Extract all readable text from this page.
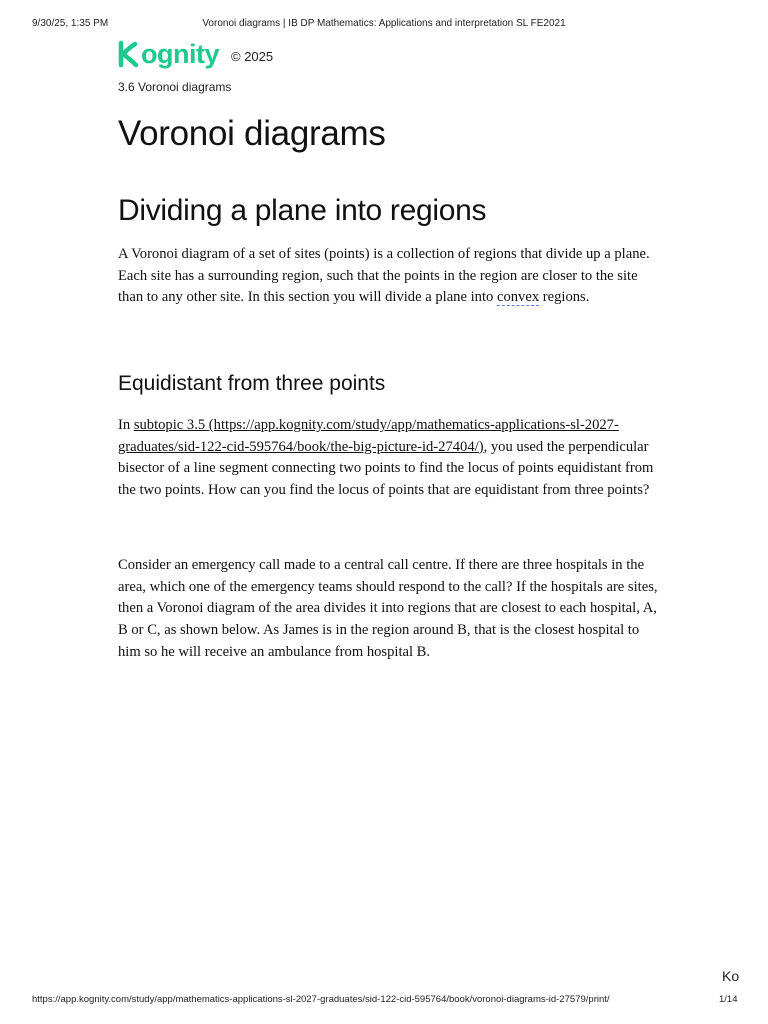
9/30/25, 1:35 PM	Voronoi diagrams | IB DP Mathematics: Applications and interpretation SL FE2021
ognity © 2025
3.6 Voronoi diagrams
Voronoi diagrams
Dividing a plane into regions

A Voronoi diagram of a set of sites (points) is a collection of regions that divide up a plane. Each site has a surrounding region, such that the points in the region are closer to the site than to any other site. In this section you will divide a plane into convex regions.

Equidistant from three points

In subtopic 3.5 (https://app.kognity.com/study/app/mathematics-applications-sl-2027-graduates/sid-122-cid-595764/book/the-big-picture-id-27404/), you used the perpendicular bisector of a line segment connecting two points to find the locus of points equidistant from the two points. How can you find the locus of points that are equidistant from three points?

Consider an emergency call made to a central call centre. If there are three hospitals in the area, which one of the emergency teams should respond to the call? If the hospitals are sites, then a Voronoi diagram of the area divides it into regions that are closest to each hospital, A, B or C, as shown below. As James is in the region around B, that is the closest hospital to him so he will receive an ambulance from hospital B.

Ko
https://app.kognity.com/study/app/mathematics-applications-sl-2027-graduates/sid-122-cid-595764/book/voronoi-diagrams-id-27579/print/	1/14
